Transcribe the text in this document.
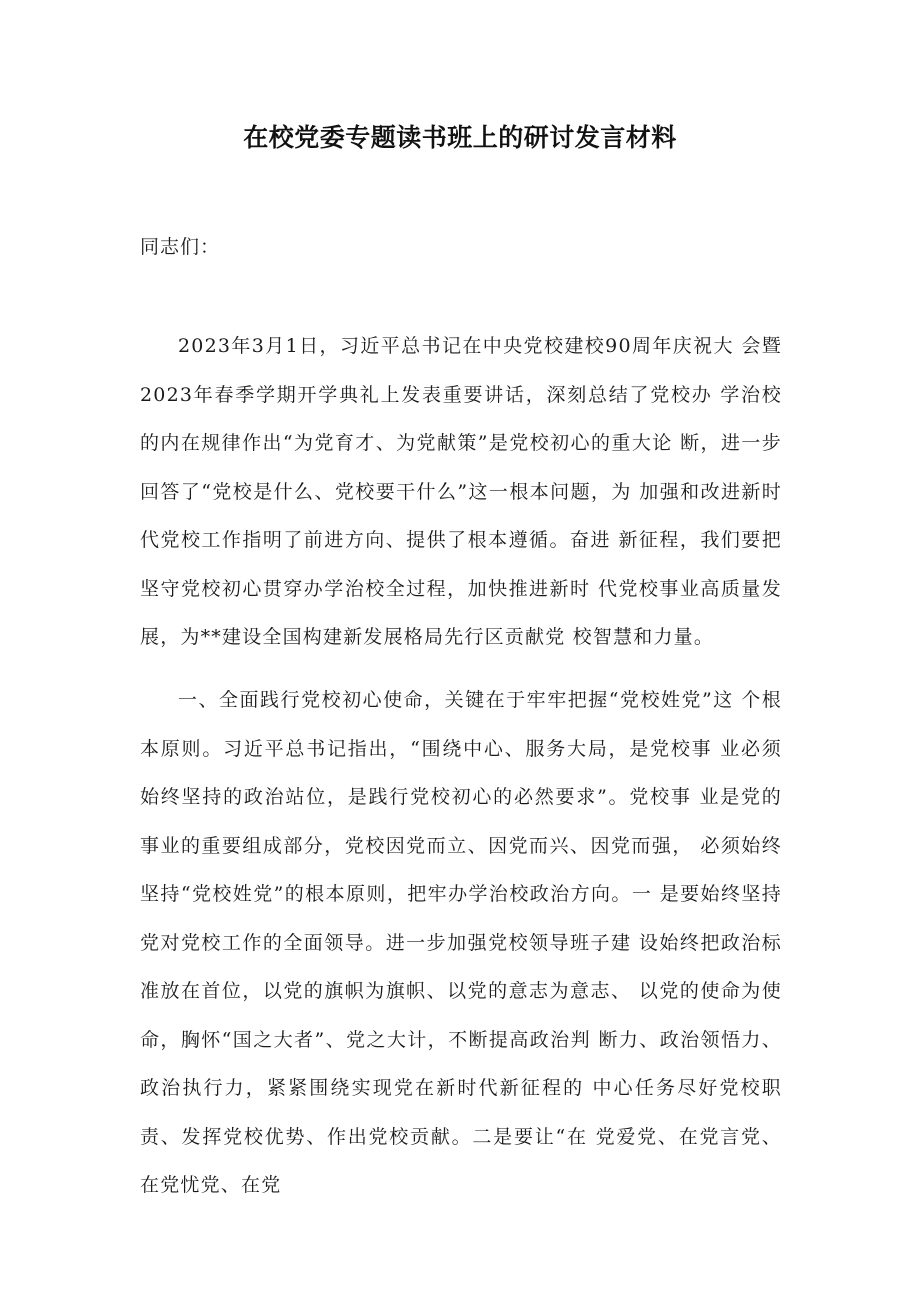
在校党委专题读书班上的研讨发言材料
同志们：

2023年3月1日，习近平总书记在中央党校建校90周年庆祝大 会暨2023年春季学期开学典礼上发表重要讲话，深刻总结了党校办 学治校的内在规律作出“为党育才、为党献策”是党校初心的重大论 断，进一步回答了“党校是什么、党校要干什么”这一根本问题，为 加强和改进新时代党校工作指明了前进方向、提供了根本遵循。奋进 新征程，我们要把坚守党校初心贯穿办学治校全过程，加快推进新时 代党校事业高质量发展，为**建设全国构建新发展格局先行区贡献党 校智慧和力量。

一、全面践行党校初心使命，关键在于牢牢把握“党校姓党”这 个根本原则。习近平总书记指出，“围绕中心、服务大局，是党校事 业必须始终坚持的政治站位，是践行党校初心的必然要求”。党校事 业是党的事业的重要组成部分，党校因党而立、因党而兴、因党而强， 必须始终坚持“党校姓党”的根本原则，把牢办学治校政治方向。一 是要始终坚持党对党校工作的全面领导。进一步加强党校领导班子建 设始终把政治标准放在首位，以党的旗帜为旗帜、以党的意志为意志、 以党的使命为使命，胸怀“国之大者”、党之大计，不断提高政治判 断力、政治领悟力、政治执行力，紧紧围绕实现党在新时代新征程的 中心任务尽好党校职责、发挥党校优势、作出党校贡献。二是要让“在 党爱党、在党言党、在党忧党、在党
